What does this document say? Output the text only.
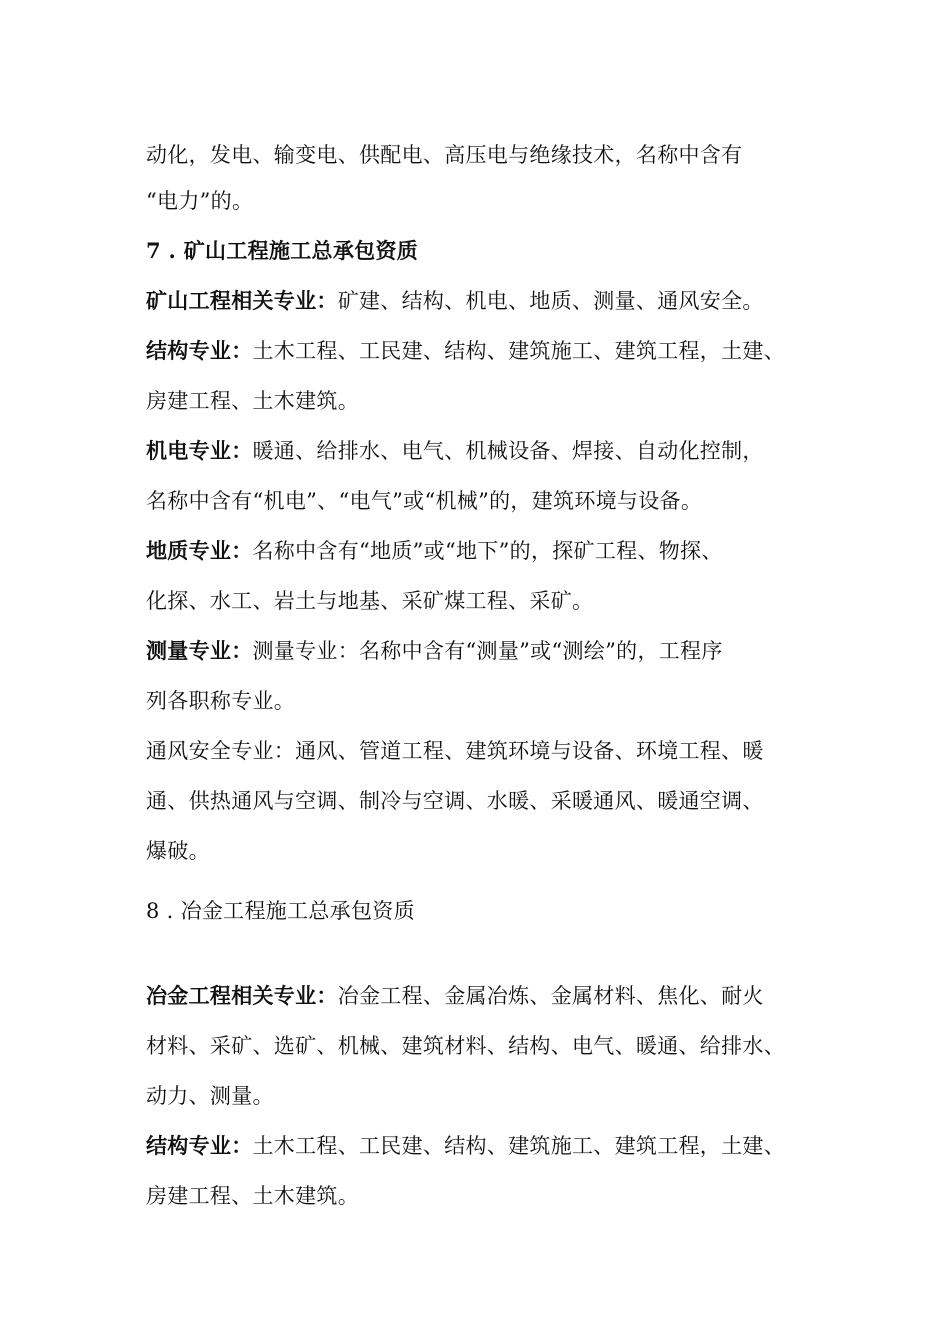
动化，发电、输变电、供配电、高压电与绝缘技术，名称中含有
“电力”的。
7 . 矿山工程施工总承包资质
矿山工程相关专业：矿建、结构、机电、地质、测量、通风安全。
结构专业：土木工程、工民建、结构、建筑施工、建筑工程，土建、
房建工程、土木建筑。
机电专业：暖通、给排水、电气、机械设备、焊接、自动化控制，
名称中含有“机电”、“电气”或“机械”的，建筑环境与设备。
地质专业：名称中含有“地质”或“地下”的，探矿工程、物探、
化探、水工、岩土与地基、采矿煤工程、采矿。
测量专业：测量专业：名称中含有“测量”或“测绘”的，工程序
列各职称专业。
通风安全专业：通风、管道工程、建筑环境与设备、环境工程、暖
通、供热通风与空调、制冷与空调、水暖、采暖通风、暖通空调、
爆破。
8 . 冶金工程施工总承包资质
冶金工程相关专业：冶金工程、金属冶炼、金属材料、焦化、耐火
材料、采矿、选矿、机械、建筑材料、结构、电气、暖通、给排水、
动力、测量。
结构专业：土木工程、工民建、结构、建筑施工、建筑工程，土建、
房建工程、土木建筑。
